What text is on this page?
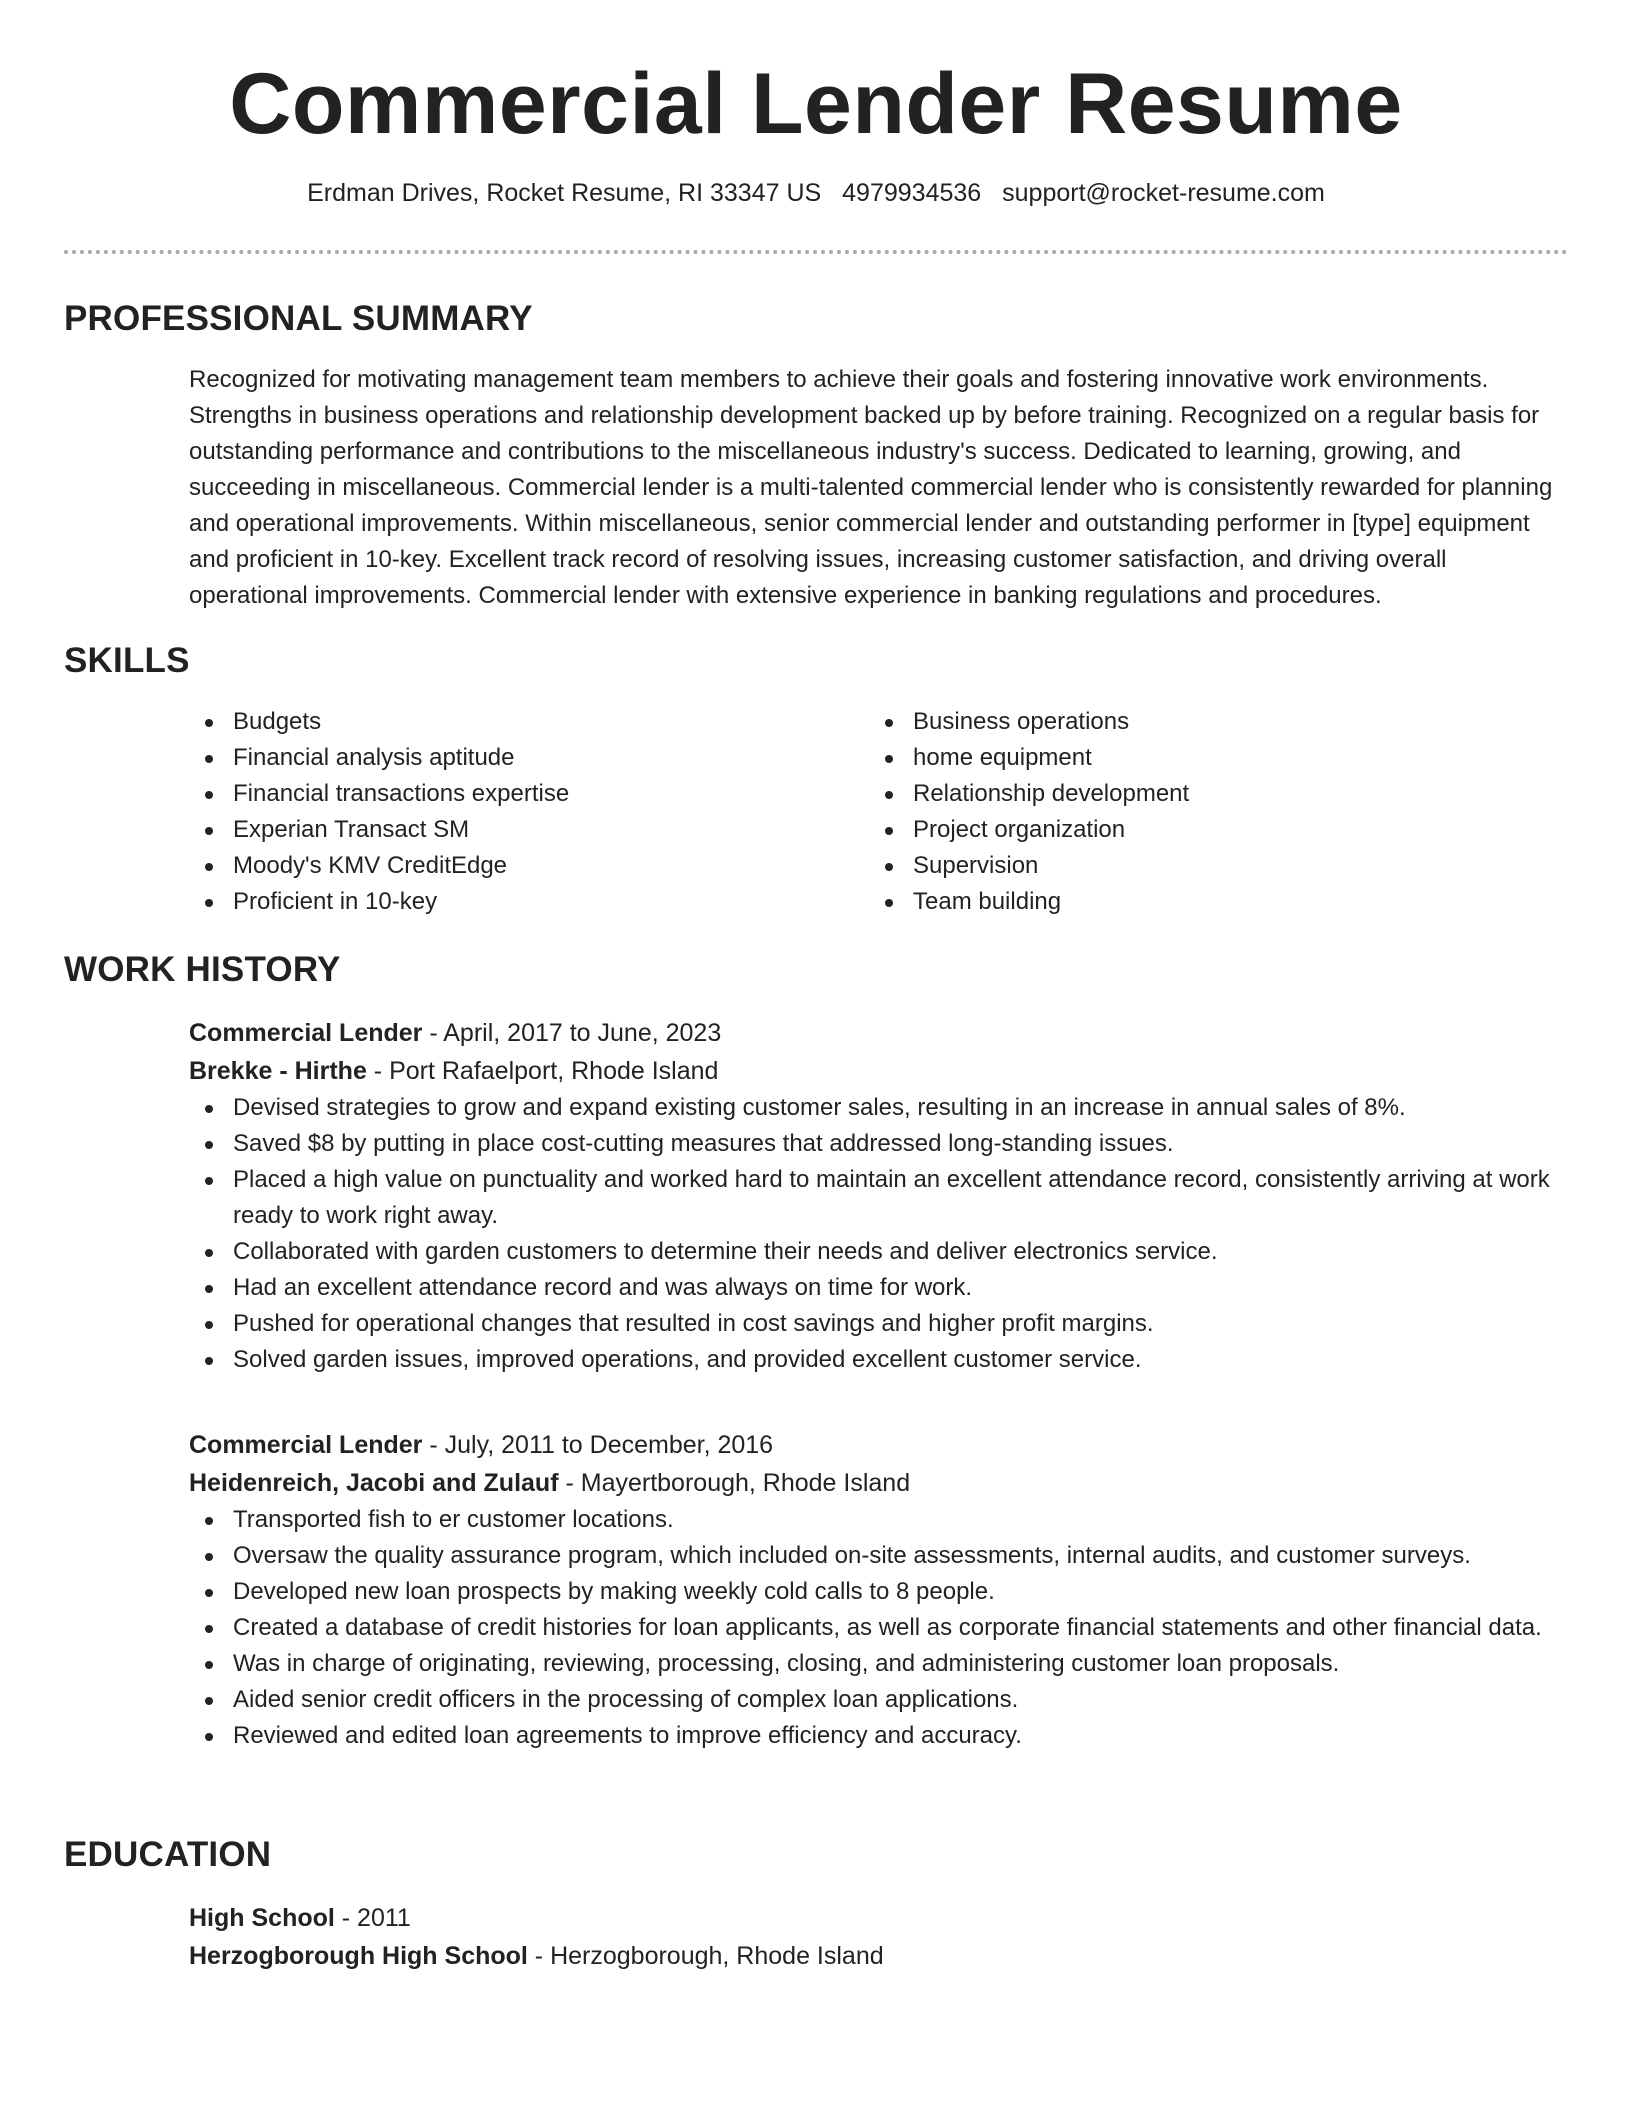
Commercial Lender Resume
Erdman Drives, Rocket Resume, RI 33347 US 4979934536 support@rocket-resume.com
PROFESSIONAL SUMMARY

Recognized for motivating management team members to achieve their goals and fostering innovative work environments. Strengths in business operations and relationship development backed up by before training. Recognized on a regular basis for outstanding performance and contributions to the miscellaneous industry's success. Dedicated to learning, growing, and succeeding in miscellaneous. Commercial lender is a multi-talented commercial lender who is consistently rewarded for planning and operational improvements. Within miscellaneous, senior commercial lender and outstanding performer in [type] equipment and proficient in 10-key. Excellent track record of resolving issues, increasing customer satisfaction, and driving overall operational improvements. Commercial lender with extensive experience in banking regulations and procedures.

SKILLS
Budgets
Financial analysis aptitude
Financial transactions expertise
Experian Transact SM
Moody's KMV CreditEdge
Proficient in 10-key
Business operations
home equipment
Relationship development
Project organization
Supervision
Team building
WORK HISTORY
Commercial Lender - April, 2017 to June, 2023
Brekke - Hirthe - Port Rafaelport, Rhode Island
Devised strategies to grow and expand existing customer sales, resulting in an increase in annual sales of 8%.
Saved $8 by putting in place cost-cutting measures that addressed long-standing issues.
Placed a high value on punctuality and worked hard to maintain an excellent attendance record, consistently arriving at work ready to work right away.
Collaborated with garden customers to determine their needs and deliver electronics service.
Had an excellent attendance record and was always on time for work.
Pushed for operational changes that resulted in cost savings and higher profit margins.
Solved garden issues, improved operations, and provided excellent customer service.
Commercial Lender - July, 2011 to December, 2016
Heidenreich, Jacobi and Zulauf - Mayertborough, Rhode Island
Transported fish to er customer locations.
Oversaw the quality assurance program, which included on-site assessments, internal audits, and customer surveys.
Developed new loan prospects by making weekly cold calls to 8 people.
Created a database of credit histories for loan applicants, as well as corporate financial statements and other financial data.
Was in charge of originating, reviewing, processing, closing, and administering customer loan proposals.
Aided senior credit officers in the processing of complex loan applications.
Reviewed and edited loan agreements to improve efficiency and accuracy.
EDUCATION
High School - 2011
Herzogborough High School - Herzogborough, Rhode Island
